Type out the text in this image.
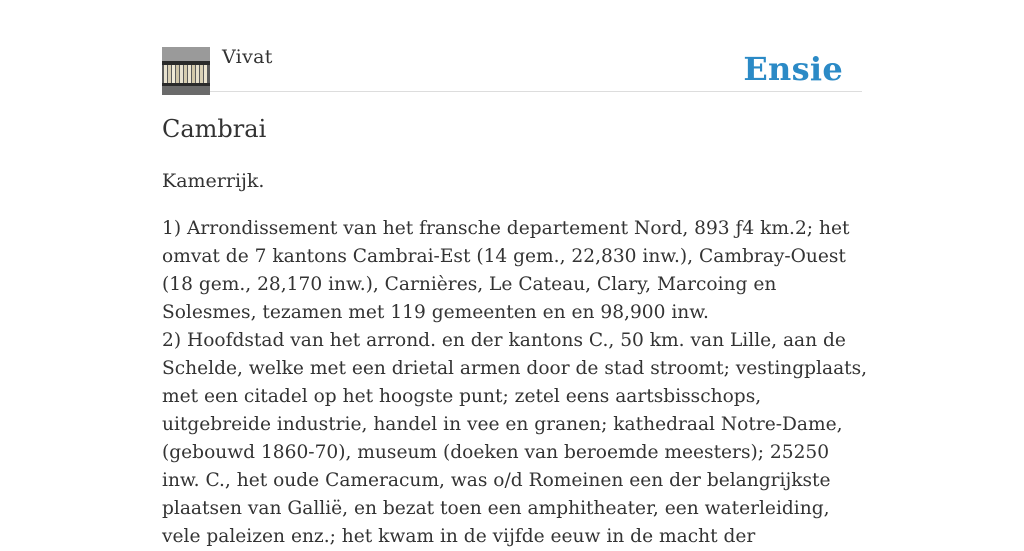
Vivat	Ensie
Cambrai

Kamerrijk.

1) Arrondissement van het fransche departement Nord, 893 ƒ4 km.2; het omvat de 7 kantons Cambrai-Est (14 gem., 22,830 inw.), Cambray-Ouest (18 gem., 28,170 inw.), Carnières, Le Cateau, Clary, Marcoing en Solesmes, tezamen met 119 gemeenten en en 98,900 inw.

2) Hoofdstad van het arrond. en der kantons C., 50 km. van Lille, aan de Schelde, welke met een drietal armen door de stad stroomt; vestingplaats, met een citadel op het hoogste punt; zetel eens aartsbisschops, uitgebreide industrie, handel in vee en granen; kathedraal Notre-Dame, (gebouwd 1860-70), museum (doeken van beroemde meesters); 25250 inw. C., het oude Cameracum, was o/d Romeinen een der belangrijkste plaatsen van Gallië, en bezat toen een amphitheater, een waterleiding, vele paleizen enz.; het kwam in de vijfde eeuw in de macht der
